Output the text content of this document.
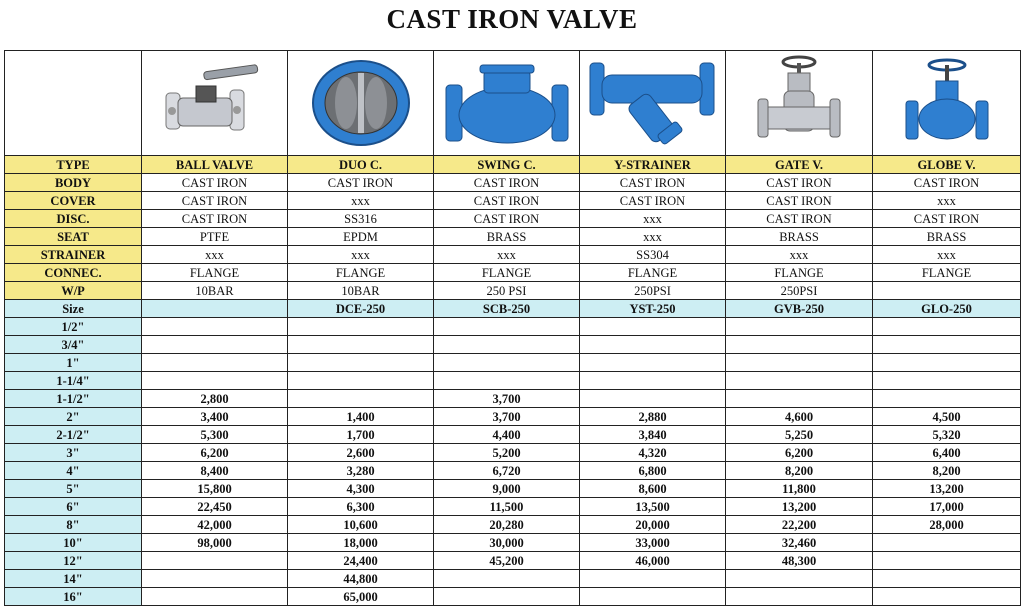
CAST IRON VALVE

TYPE	BALL VALVE	DUO C.	SWING C.	Y-STRAINER	GATE V.	GLOBE V.
BODY	CAST IRON	CAST IRON	CAST IRON	CAST IRON	CAST IRON	CAST IRON
COVER	CAST IRON	xxx	CAST IRON	CAST IRON	CAST IRON	xxx
DISC.	CAST IRON	SS316	CAST IRON	xxx	CAST IRON	CAST IRON
SEAT	PTFE	EPDM	BRASS	xxx	BRASS	BRASS
STRAINER	xxx	xxx	xxx	SS304	xxx	xxx
CONNEC.	FLANGE	FLANGE	FLANGE	FLANGE	FLANGE	FLANGE
W/P	10BAR	10BAR	250 PSI	250PSI	250PSI	
Size		DCE-250	SCB-250	YST-250	GVB-250	GLO-250
1/2"						
3/4"						
1"						
1-1/4"						
1-1/2"	2,800		3,700			
2"	3,400	1,400	3,700	2,880	4,600	4,500
2-1/2"	5,300	1,700	4,400	3,840	5,250	5,320
3"	6,200	2,600	5,200	4,320	6,200	6,400
4"	8,400	3,280	6,720	6,800	8,200	8,200
5"	15,800	4,300	9,000	8,600	11,800	13,200
6"	22,450	6,300	11,500	13,500	13,200	17,000
8"	42,000	10,600	20,280	20,000	22,200	28,000
10"	98,000	18,000	30,000	33,000	32,460	
12"		24,400	45,200	46,000	48,300	
14"		44,800				
16"		65,000				
